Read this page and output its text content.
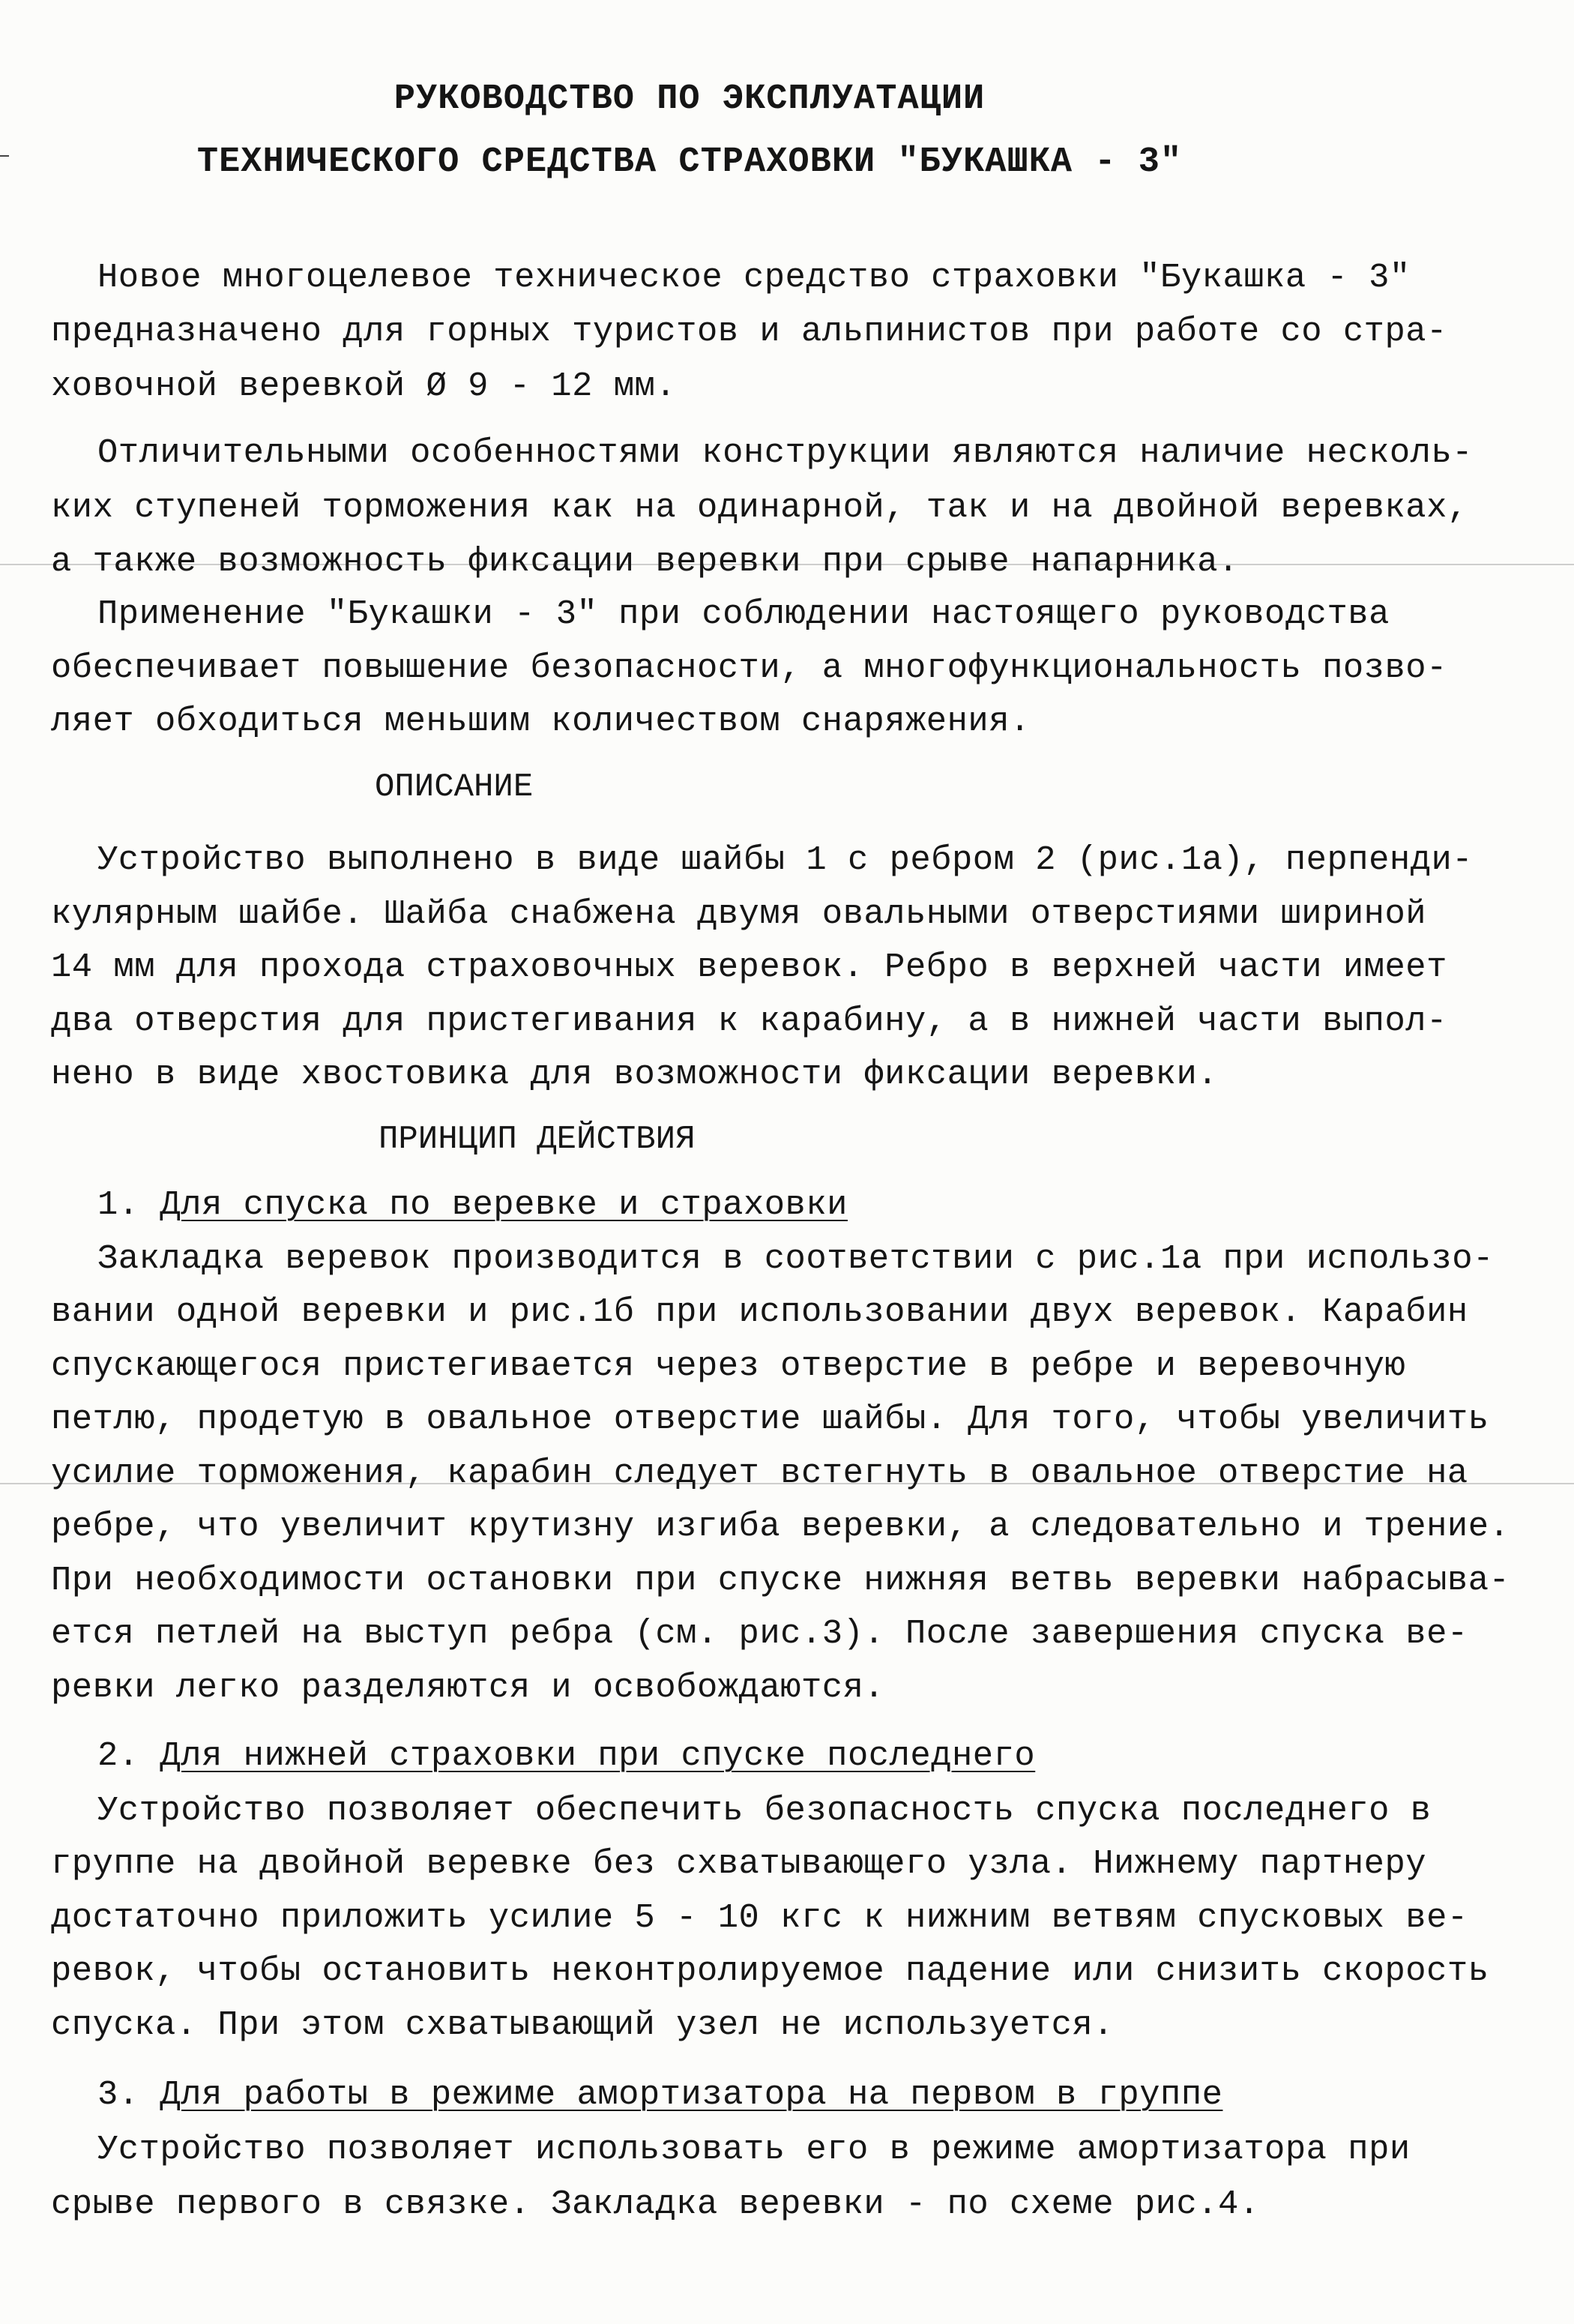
РУКОВОДСТВО ПО ЭКСПЛУАТАЦИИ
ТЕХНИЧЕСКОГО СРЕДСТВА СТРАХОВКИ "БУКАШКА - 3"
Новое многоцелевое техническое средство страховки "Букашка - 3"
предназначено для горных туристов и альпинистов при работе со стра-
ховочной веревкой Ø 9 - 12 мм.
Отличительными особенностями конструкции являются наличие несколь-
ких ступеней торможения как на одинарной, так и на двойной веревках,
а также возможность фиксации веревки при срыве напарника.
Применение "Букашки - 3" при соблюдении настоящего руководства
обеспечивает повышение безопасности, а многофункциональность позво-
ляет обходиться меньшим количеством снаряжения.
ОПИСАНИЕ
Устройство выполнено в виде шайбы 1 с ребром 2 (рис.1а), перпенди-
кулярным шайбе. Шайба снабжена двумя овальными отверстиями шириной
14 мм для прохода страховочных веревок. Ребро в верхней части имеет
два отверстия для пристегивания к карабину, а в нижней части выпол-
нено в виде хвостовика для возможности фиксации веревки.
ПРИНЦИП ДЕЙСТВИЯ
1. Для спуска по веревке и страховки
Закладка веревок производится в соответствии с рис.1а при использо-
вании одной веревки и рис.1б при использовании двух веревок. Карабин
спускающегося пристегивается через отверстие в ребре и веревочную
петлю, продетую в овальное отверстие шайбы. Для того, чтобы увеличить
усилие торможения, карабин следует встегнуть в овальное отверстие на
ребре, что увеличит крутизну изгиба веревки, а следовательно и трение.
При необходимости остановки при спуске нижняя ветвь веревки набрасыва-
ется петлей на выступ ребра (см. рис.3). После завершения спуска ве-
ревки легко разделяются и освобождаются.
2. Для нижней страховки при спуске последнего
Устройство позволяет обеспечить безопасность спуска последнего в
группе на двойной веревке без схватывающего узла. Нижнему партнеру
достаточно приложить усилие 5 - 10 кгс к нижним ветвям спусковых ве-
ревок, чтобы остановить неконтролируемое падение или снизить скорость
спуска. При этом схватывающий узел не используется.
3. Для работы в режиме амортизатора на первом в группе
Устройство позволяет использовать его в режиме амортизатора при
срыве первого в связке. Закладка веревки - по схеме рис.4.
